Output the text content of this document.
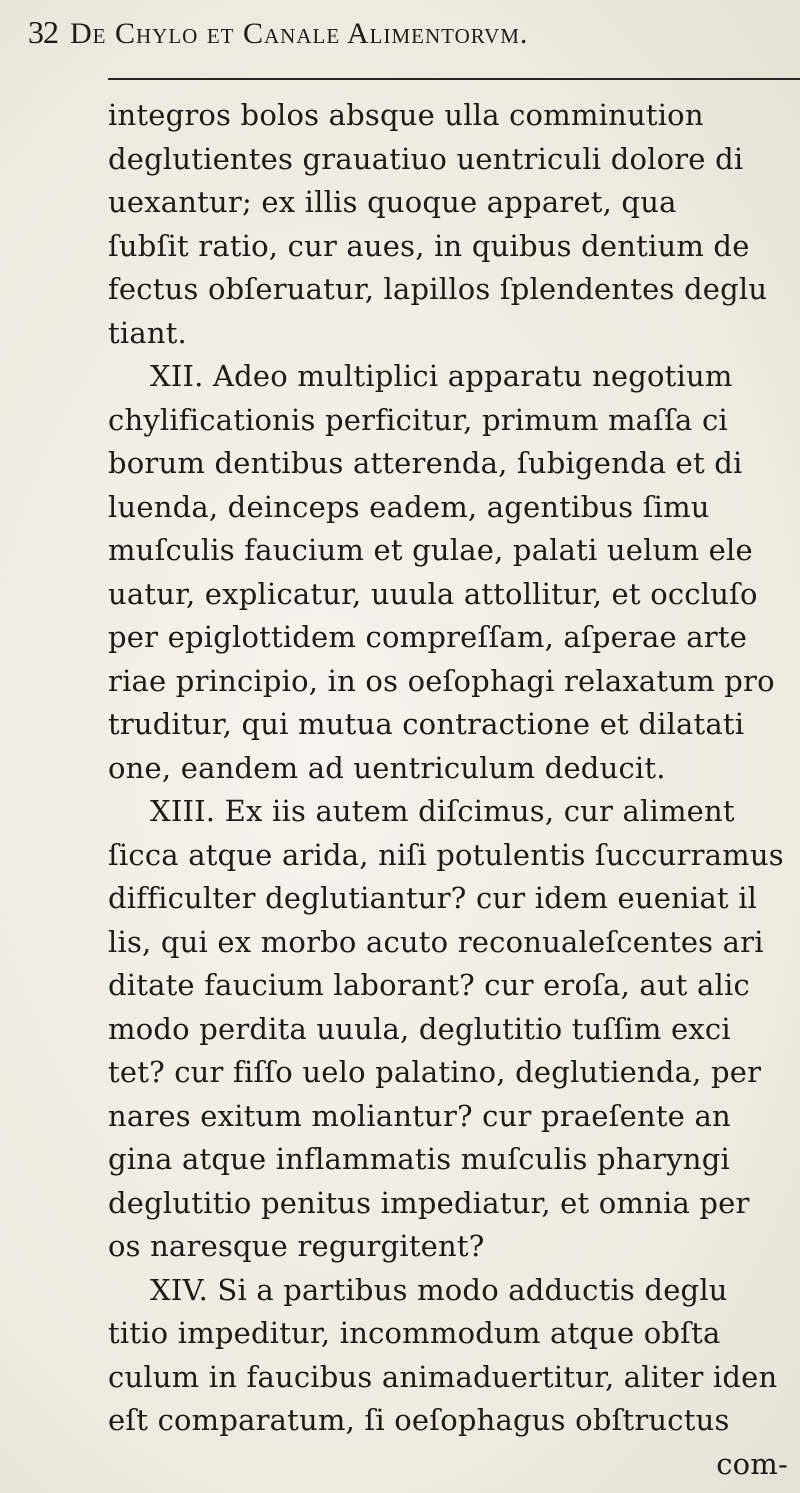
32 De Chylo et Canale Alimentorvm.
integros bolos absque ulla comminution
deglutientes grauatiuo uentriculi dolore di
uexantur; ex illis quoque apparet, qua
ſubſit ratio, cur aues, in quibus dentium de
fectus obſeruatur, lapillos ſplendentes deglu
tiant.
XII. Adeo multiplici apparatu negotium
chylificationis perficitur, primum maſſa ci
borum dentibus atterenda, ſubigenda et di
luenda, deinceps eadem, agentibus ſimu
muſculis faucium et gulae, palati uelum ele
uatur, explicatur, uuula attollitur, et occluſo
per epiglottidem compreſſam, aſperae arte
riae principio, in os oeſophagi relaxatum pro
truditur, qui mutua contractione et dilatati
one, eandem ad uentriculum deducit.
XIII. Ex iis autem diſcimus, cur aliment
ſicca atque arida, niſi potulentis ſuccurramus
difficulter deglutiantur? cur idem eueniat il
lis, qui ex morbo acuto reconualeſcentes ari
ditate faucium laborant? cur eroſa, aut alic
modo perdita uuula, deglutitio tuſſim exci
tet? cur fiſſo uelo palatino, deglutienda, per
nares exitum moliantur? cur praeſente an
gina atque inflammatis muſculis pharyngi
deglutitio penitus impediatur, et omnia per
os naresque regurgitent?
XIV. Si a partibus modo adductis deglu
titio impeditur, incommodum atque obſta
culum in faucibus animaduertitur, aliter iden
eſt comparatum, ſi oeſophagus obſtructus
com-
